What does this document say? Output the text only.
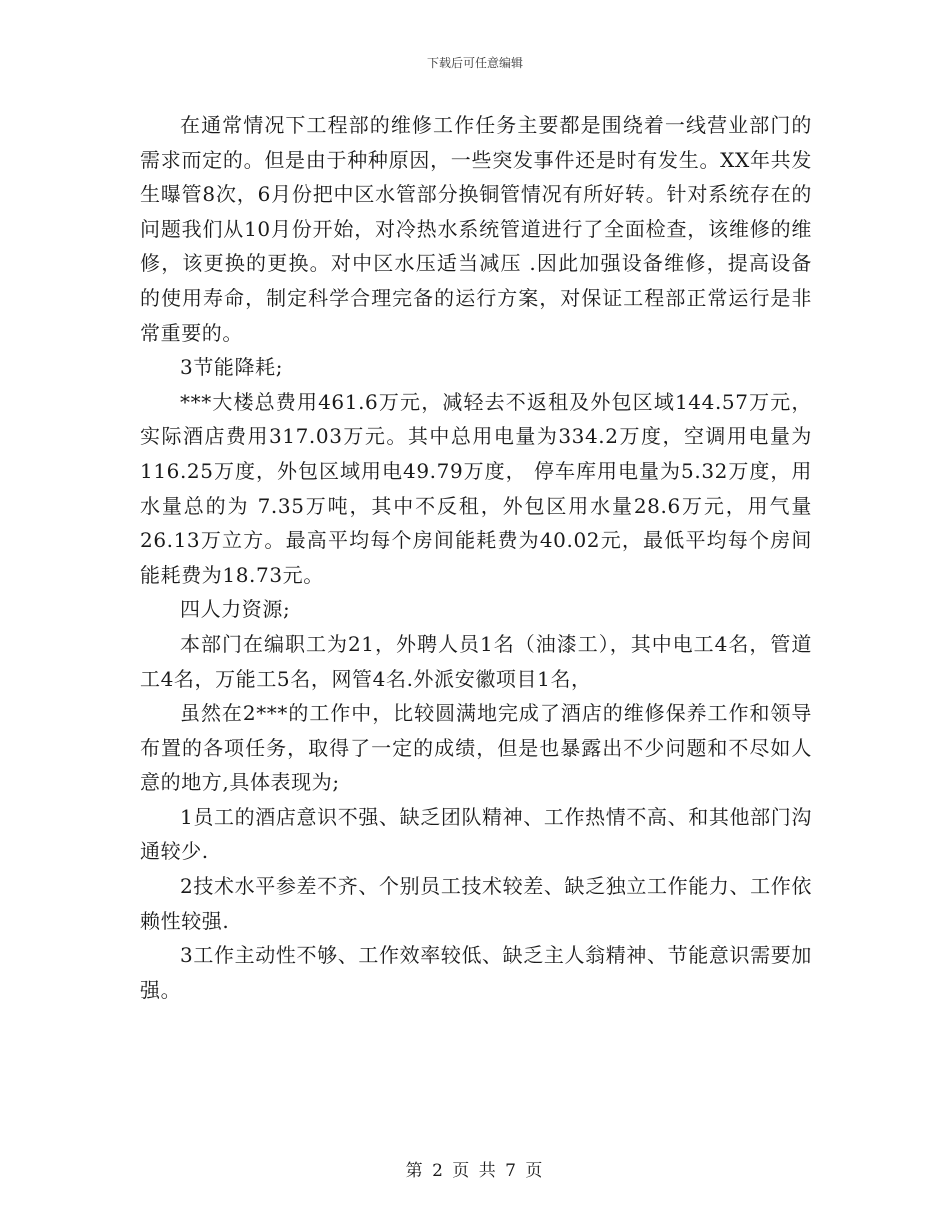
下载后可任意编辑

在通常情况下工程部的维修工作任务主要都是围绕着一线营业部门的需求而定的。但是由于种种原因，一些突发事件还是时有发生。XX年共发生曝管8次，6月份把中区水管部分换铜管情况有所好转。针对系统存在的问题我们从10月份开始，对冷热水系统管道进行了全面检查，该维修的维修，该更换的更换。对中区水压适当减压 .因此加强设备维修，提高设备的使用寿命，制定科学合理完备的运行方案，对保证工程部正常运行是非常重要的。

3节能降耗;

***大楼总费用461.6万元，减轻去不返租及外包区域144.57万元，实际酒店费用317.03万元。其中总用电量为334.2万度，空调用电量为116.25万度，外包区域用电49.79万度， 停车库用电量为5.32万度，用水量总的为 7.35万吨，其中不反租，外包区用水量28.6万元，用气量26.13万立方。最高平均每个房间能耗费为40.02元，最低平均每个房间能耗费为18.73元。

四人力资源;

本部门在编职工为21，外聘人员1名（油漆工），其中电工4名，管道工4名，万能工5名，网管4名.外派安徽项目1名，

虽然在2***的工作中，比较圆满地完成了酒店的维修保养工作和领导布置的各项任务，取得了一定的成绩，但是也暴露出不少问题和不尽如人意的地方,具体表现为;

1员工的酒店意识不强、缺乏团队精神、工作热情不高、和其他部门沟通较少.

2技术水平参差不齐、个别员工技术较差、缺乏独立工作能力、工作依赖性较强.

3工作主动性不够、工作效率较低、缺乏主人翁精神、节能意识需要加强。

第 2 页 共 7 页
